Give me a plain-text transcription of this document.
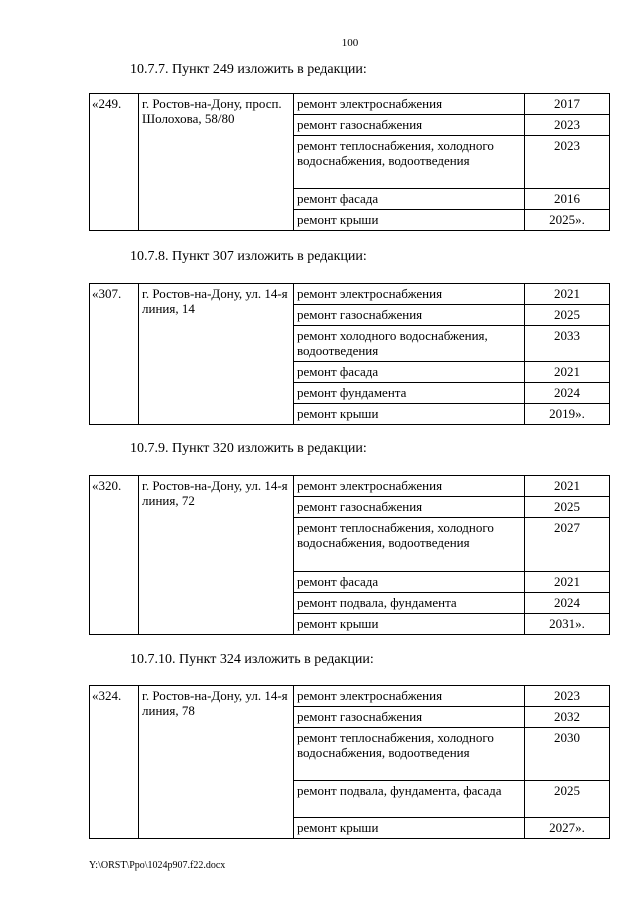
100
10.7.7. Пункт 249 изложить в редакции:
«249.	г. Ростов-на-Дону, просп. Шолохова, 58/80	ремонт электроснабжения	2017
		ремонт газоснабжения	2023
		ремонт теплоснабжения, холодного водоснабжения, водоотведения	2023
		ремонт фасада	2016
		ремонт крыши	2025».
10.7.8. Пункт 307 изложить в редакции:
«307.	г. Ростов-на-Дону, ул. 14-я линия, 14	ремонт электроснабжения	2021
		ремонт газоснабжения	2025
		ремонт холодного водоснабжения, водоотведения	2033
		ремонт фасада	2021
		ремонт фундамента	2024
		ремонт крыши	2019».
10.7.9. Пункт 320 изложить в редакции:
«320.	г. Ростов-на-Дону, ул. 14-я линия, 72	ремонт электроснабжения	2021
		ремонт газоснабжения	2025
		ремонт теплоснабжения, холодного водоснабжения, водоотведения	2027
		ремонт фасада	2021
		ремонт подвала, фундамента	2024
		ремонт крыши	2031».
10.7.10. Пункт 324 изложить в редакции:
«324.	г. Ростов-на-Дону, ул. 14-я линия, 78	ремонт электроснабжения	2023
		ремонт газоснабжения	2032
		ремонт теплоснабжения, холодного водоснабжения, водоотведения	2030
		ремонт подвала, фундамента, фасада	2025
		ремонт крыши	2027».
Y:\ORST\Ppo\1024p907.f22.docx
